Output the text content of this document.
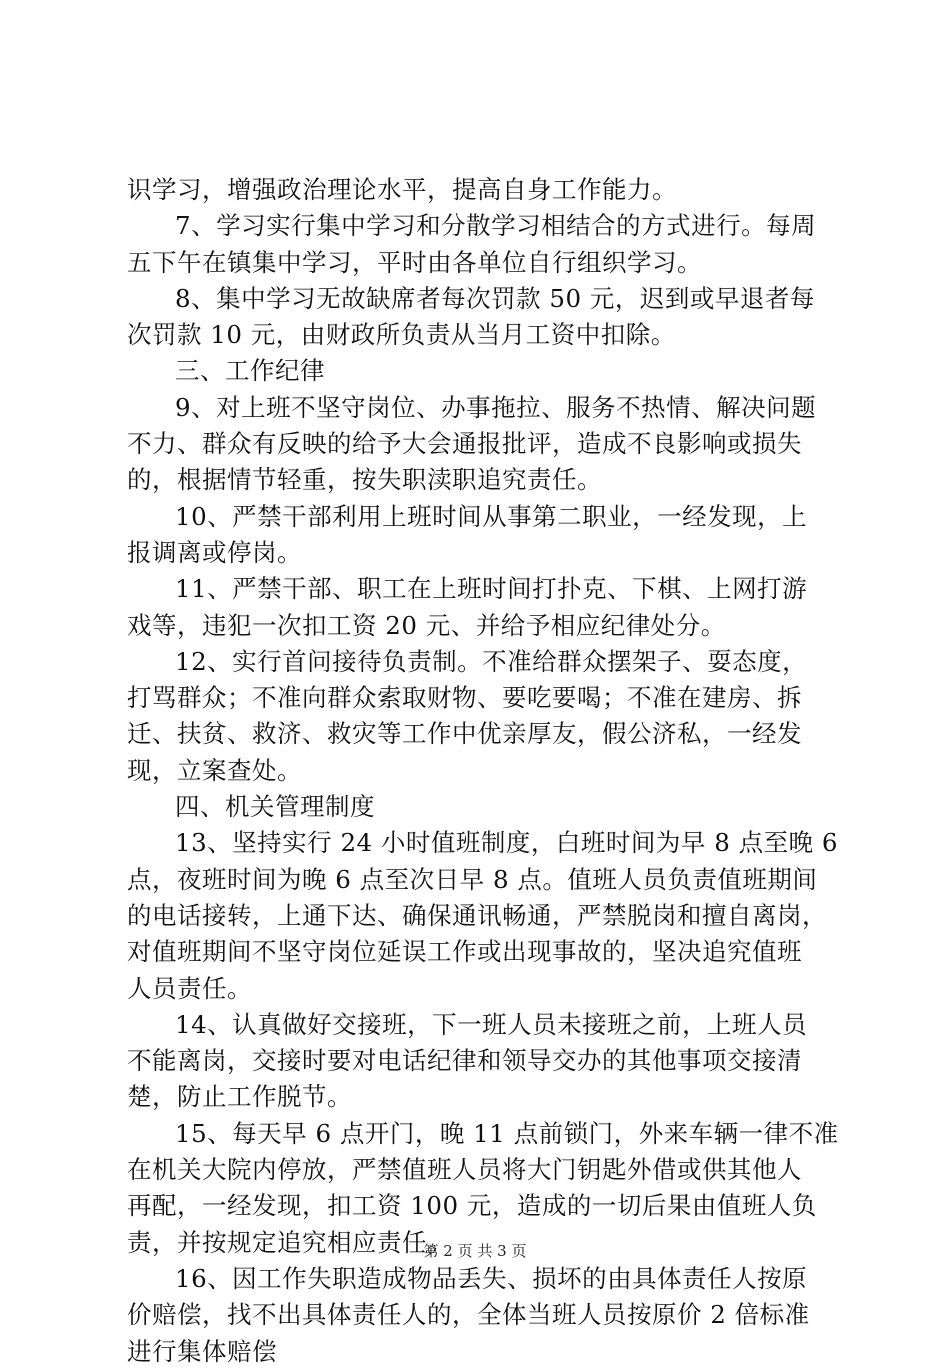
识学习，增强政治理论水平，提高自身工作能力。
7、学习实行集中学习和分散学习相结合的方式进行。每周
五下午在镇集中学习，平时由各单位自行组织学习。
8、集中学习无故缺席者每次罚款 50 元，迟到或早退者每
次罚款 10 元，由财政所负责从当月工资中扣除。
三、工作纪律
9、对上班不坚守岗位、办事拖拉、服务不热情、解决问题
不力、群众有反映的给予大会通报批评，造成不良影响或损失
的，根据情节轻重，按失职渎职追究责任。
10、严禁干部利用上班时间从事第二职业，一经发现，上
报调离或停岗。
11、严禁干部、职工在上班时间打扑克、下棋、上网打游
戏等，违犯一次扣工资 20 元、并给予相应纪律处分。
12、实行首问接待负责制。不准给群众摆架子、耍态度，
打骂群众；不准向群众索取财物、要吃要喝；不准在建房、拆
迁、扶贫、救济、救灾等工作中优亲厚友，假公济私，一经发
现，立案查处。
四、机关管理制度
13、坚持实行 24 小时值班制度，白班时间为早 8 点至晚 6
点，夜班时间为晚 6 点至次日早 8 点。值班人员负责值班期间
的电话接转，上通下达、确保通讯畅通，严禁脱岗和擅自离岗，
对值班期间不坚守岗位延误工作或出现事故的，坚决追究值班
人员责任。
14、认真做好交接班，下一班人员未接班之前，上班人员
不能离岗，交接时要对电话纪律和领导交办的其他事项交接清
楚，防止工作脱节。
15、每天早 6 点开门，晚 11 点前锁门，外来车辆一律不准
在机关大院内停放，严禁值班人员将大门钥匙外借或供其他人
再配，一经发现，扣工资 100 元，造成的一切后果由值班人负
责，并按规定追究相应责任。
16、因工作失职造成物品丢失、损坏的由具体责任人按原
价赔偿，找不出具体责任人的，全体当班人员按原价 2 倍标准
进行集体赔偿
第 2 页 共 3 页
